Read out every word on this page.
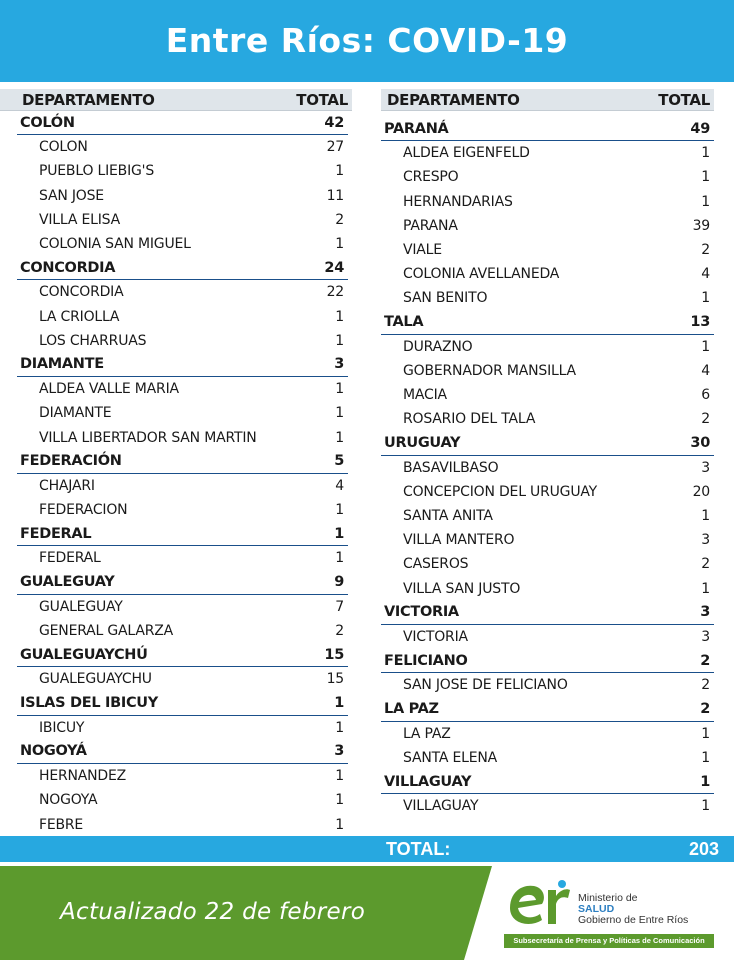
Entre Ríos: COVID-19
DEPARTAMENTO	TOTAL
COLÓN	42
COLON	27
PUEBLO LIEBIG'S	1
SAN JOSE	11
VILLA ELISA	2
COLONIA SAN MIGUEL	1
CONCORDIA	24
CONCORDIA	22
LA CRIOLLA	1
LOS CHARRUAS	1
DIAMANTE	3
ALDEA VALLE MARIA	1
DIAMANTE	1
VILLA LIBERTADOR SAN MARTIN	1
FEDERACIÓN	5
CHAJARI	4
FEDERACION	1
FEDERAL	1
FEDERAL	1
GUALEGUAY	9
GUALEGUAY	7
GENERAL GALARZA	2
GUALEGUAYCHÚ	15
GUALEGUAYCHU	15
ISLAS DEL IBICUY	1
IBICUY	1
NOGOYÁ	3
HERNANDEZ	1
NOGOYA	1
FEBRE	1
DEPARTAMENTO	TOTAL
PARANÁ	49
ALDEA EIGENFELD	1
CRESPO	1
HERNANDARIAS	1
PARANA	39
VIALE	2
COLONIA AVELLANEDA	4
SAN BENITO	1
TALA	13
DURAZNO	1
GOBERNADOR MANSILLA	4
MACIA	6
ROSARIO DEL TALA	2
URUGUAY	30
BASAVILBASO	3
CONCEPCION DEL URUGUAY	20
SANTA ANITA	1
VILLA MANTERO	3
CASEROS	2
VILLA SAN JUSTO	1
VICTORIA	3
VICTORIA	3
FELICIANO	2
SAN JOSE DE FELICIANO	2
LA PAZ	2
LA PAZ	1
SANTA ELENA	1
VILLAGUAY	1
VILLAGUAY	1
TOTAL:	203
Actualizado 22 de febrero
Ministerio de
SALUD
Gobierno de Entre Ríos
Subsecretaría de Prensa y Políticas de Comunicación
